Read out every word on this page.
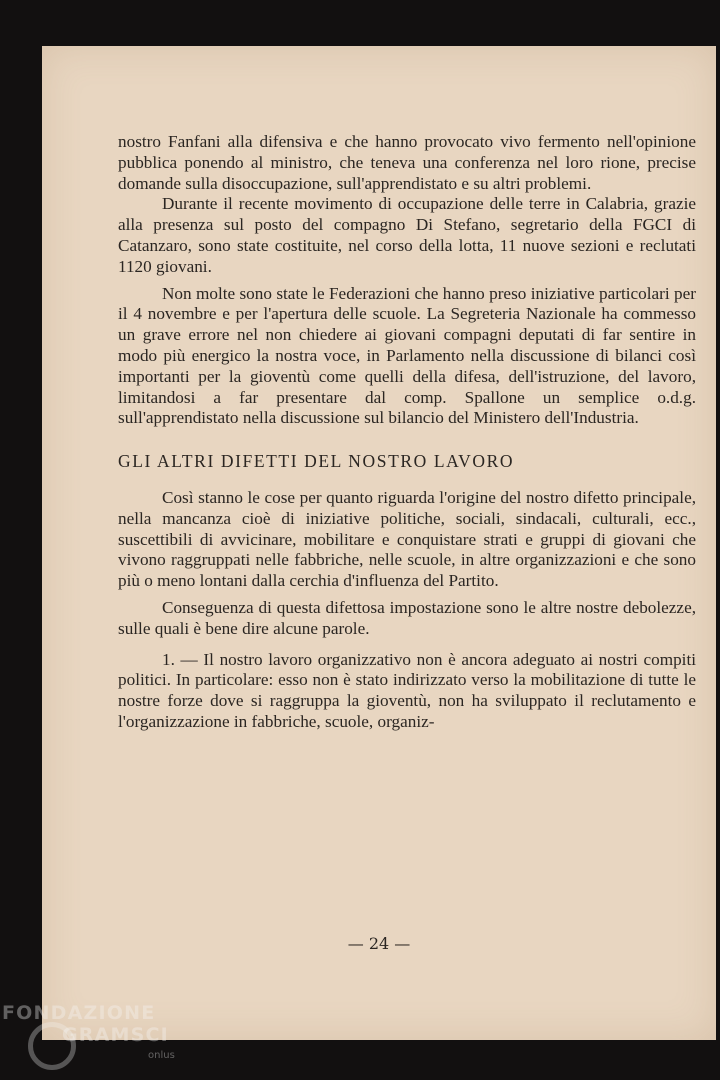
nostro Fanfani alla difensiva e che hanno provocato vivo fermento nell'opinione pubblica ponendo al ministro, che teneva una conferenza nel loro rione, precise domande sulla disoccupazione, sull'apprendistato e su altri problemi.

Durante il recente movimento di occupazione delle terre in Calabria, grazie alla presenza sul posto del compagno Di Stefano, segretario della FGCI di Catanzaro, sono state costituite, nel corso della lotta, 11 nuove sezioni e reclutati 1120 giovani.

Non molte sono state le Federazioni che hanno preso iniziative particolari per il 4 novembre e per l'apertura delle scuole. La Segreteria Nazionale ha commesso un grave errore nel non chiedere ai giovani compagni deputati di far sentire in modo più energico la nostra voce, in Parlamento nella discussione di bilanci così importanti per la gioventù come quelli della difesa, dell'istruzione, del lavoro, limitandosi a far presentare dal comp. Spallone un semplice o.d.g. sull'apprendistato nella discussione sul bilancio del Ministero dell'Industria.

GLI ALTRI DIFETTI DEL NOSTRO LAVORO

Così stanno le cose per quanto riguarda l'origine del nostro difetto principale, nella mancanza cioè di iniziative politiche, sociali, sindacali, culturali, ecc., suscettibili di avvicinare, mobilitare e conquistare strati e gruppi di giovani che vivono raggruppati nelle fabbriche, nelle scuole, in altre organizzazioni e che sono più o meno lontani dalla cerchia d'influenza del Partito.

Conseguenza di questa difettosa impostazione sono le altre nostre debolezze, sulle quali è bene dire alcune parole.

1. — Il nostro lavoro organizzativo non è ancora adeguato ai nostri compiti politici. In particolare: esso non è stato indirizzato verso la mobilitazione di tutte le nostre forze dove si raggruppa la gioventù, non ha sviluppato il reclutamento e l'organizzazione in fabbriche, scuole, organiz-

— 24 —
FONDAZIONE
GRAMSCI
onlus
